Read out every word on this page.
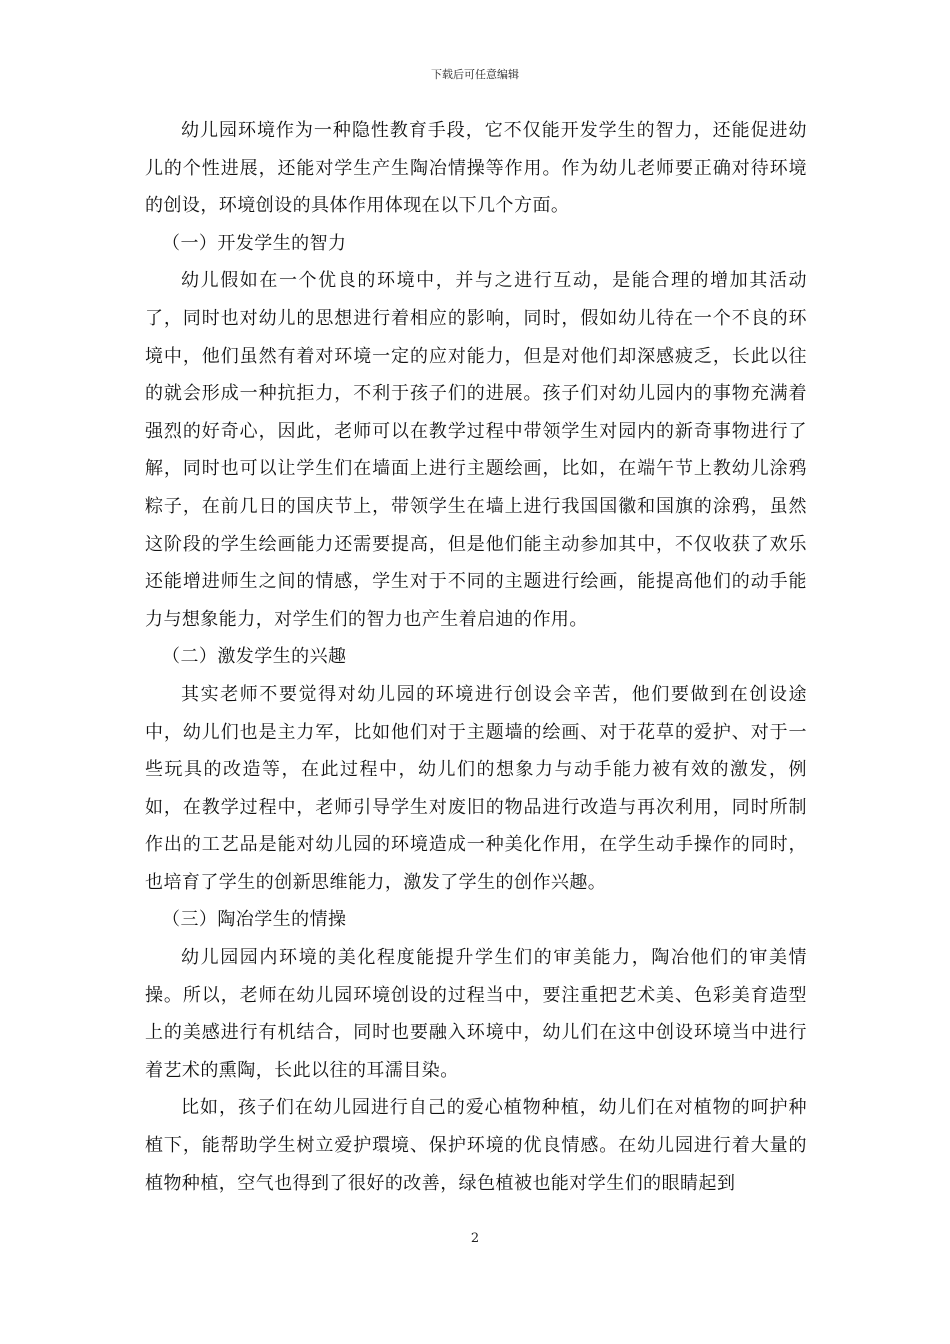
下载后可任意编辑

幼儿园环境作为一种隐性教育手段，它不仅能开发学生的智力，还能促进幼儿的个性进展，还能对学生产生陶冶情操等作用。作为幼儿老师要正确对待环境的创设，环境创设的具体作用体现在以下几个方面。

（一）开发学生的智力

幼儿假如在一个优良的环境中，并与之进行互动，是能合理的增加其活动了，同时也对幼儿的思想进行着相应的影响，同时，假如幼儿待在一个不良的环境中，他们虽然有着对环境一定的应对能力，但是对他们却深感疲乏，长此以往的就会形成一种抗拒力，不利于孩子们的进展。孩子们对幼儿园内的事物充满着强烈的好奇心，因此，老师可以在教学过程中带领学生对园内的新奇事物进行了解，同时也可以让学生们在墙面上进行主题绘画，比如，在端午节上教幼儿涂鸦粽子，在前几日的国庆节上，带领学生在墙上进行我国国徽和国旗的涂鸦，虽然这阶段的学生绘画能力还需要提高，但是他们能主动参加其中，不仅收获了欢乐还能增进师生之间的情感，学生对于不同的主题进行绘画，能提高他们的动手能力与想象能力，对学生们的智力也产生着启迪的作用。

（二）激发学生的兴趣

其实老师不要觉得对幼儿园的环境进行创设会辛苦，他们要做到在创设途中，幼儿们也是主力军，比如他们对于主题墙的绘画、对于花草的爱护、对于一些玩具的改造等，在此过程中，幼儿们的想象力与动手能力被有效的激发，例如，在教学过程中，老师引导学生对废旧的物品进行改造与再次利用，同时所制作出的工艺品是能对幼儿园的环境造成一种美化作用，在学生动手操作的同时，也培育了学生的创新思维能力，激发了学生的创作兴趣。

（三）陶冶学生的情操

幼儿园园内环境的美化程度能提升学生们的审美能力，陶冶他们的审美情操。所以，老师在幼儿园环境创设的过程当中，要注重把艺术美、色彩美育造型上的美感进行有机结合，同时也要融入环境中，幼儿们在这中创设环境当中进行着艺术的熏陶，长此以往的耳濡目染。

比如，孩子们在幼儿园进行自己的爱心植物种植，幼儿们在对植物的呵护种植下，能帮助学生树立爱护環境、保护环境的优良情感。在幼儿园进行着大量的植物种植，空气也得到了很好的改善，绿色植被也能对学生们的眼睛起到

2
